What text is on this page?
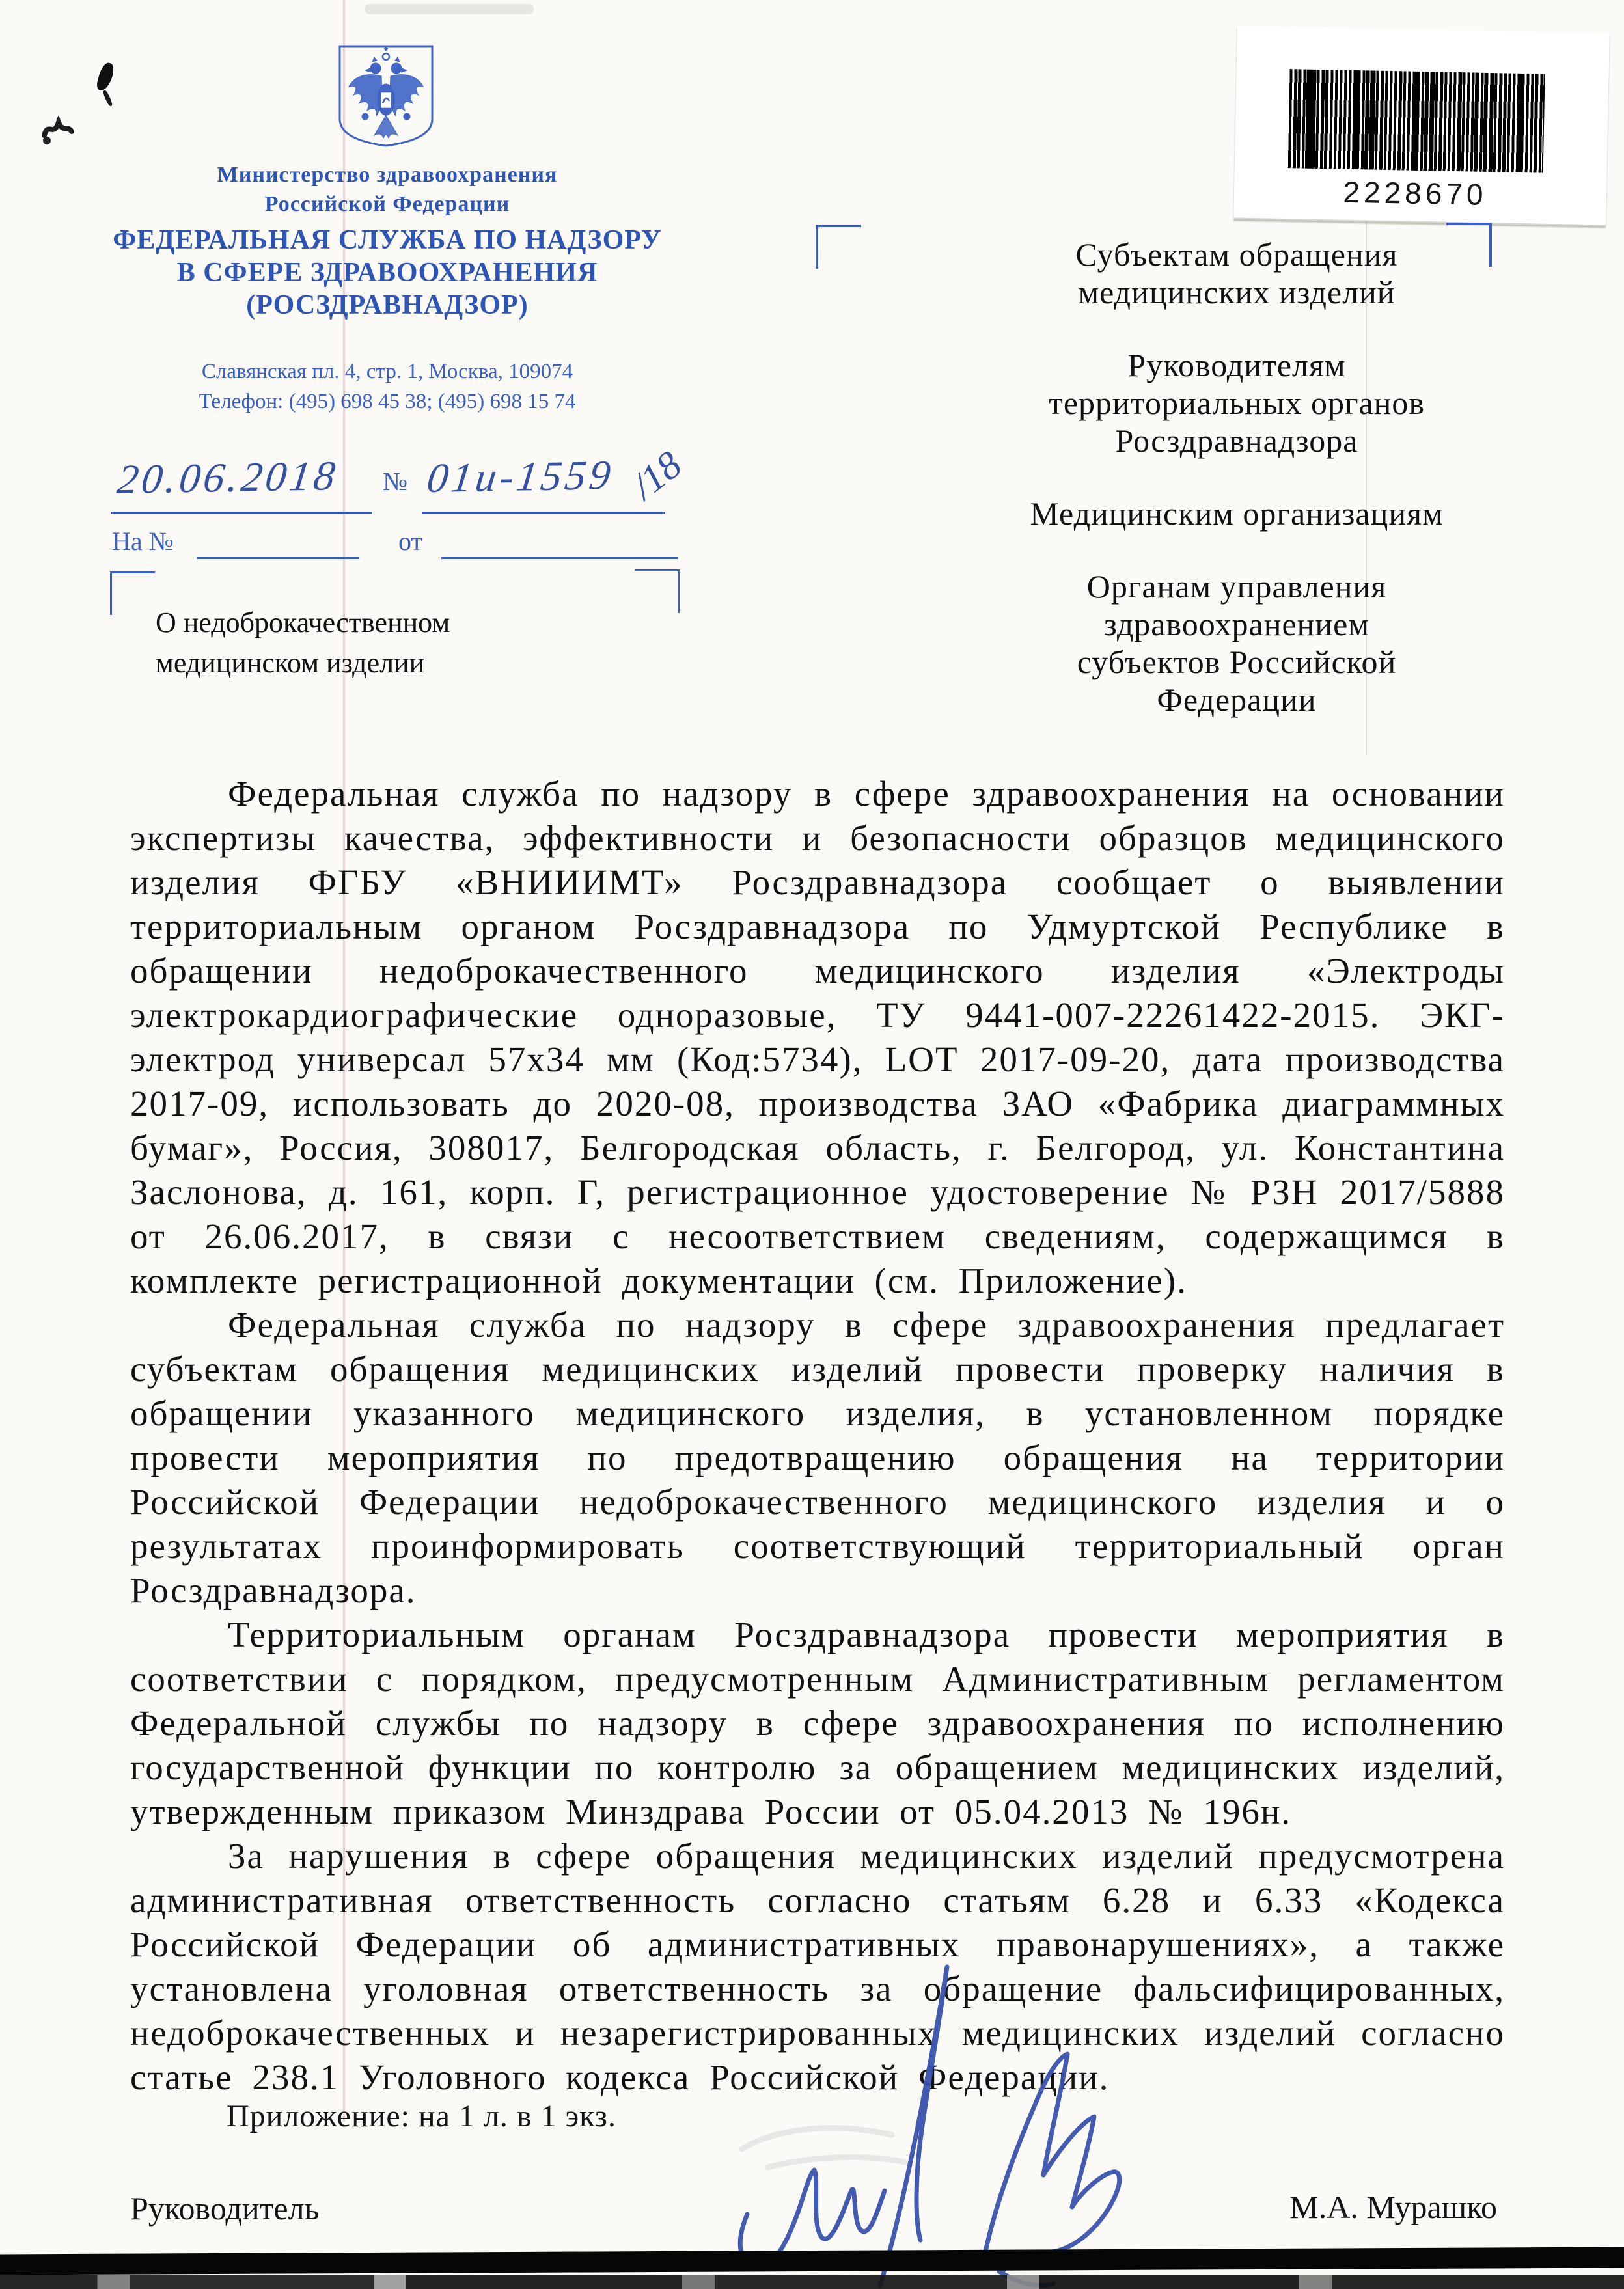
Министерство здравоохранения
Российской Федерации
ФЕДЕРАЛЬНАЯ СЛУЖБА ПО НАДЗОРУ
В СФЕРЕ ЗДРАВООХРАНЕНИЯ
(РОСЗДРАВНАДЗОР)
Славянская пл. 4, стр. 1, Москва, 109074
Телефон: (495) 698 45 38; (495) 698 15 74
2228670
Субъектам обращения медицинских изделий
Руководителям территориальных органов Росздравнадзора
Медицинским организациям
Органам управления здравоохранением субъектов Российской Федерации
20.06.2018 № 01и-1559 /18
На №	от
О недоброкачественном
медицинском изделии

Федеральная служба по надзору в сфере здравоохранения на основании экспертизы качества, эффективности и безопасности образцов медицинского изделия ФГБУ «ВНИИИМТ» Росздравнадзора сообщает о выявлении территориальным органом Росздравнадзора по Удмуртской Республике в обращении недоброкачественного медицинского изделия «Электроды электрокардиографические одноразовые, ТУ 9441-007-22261422-2015. ЭКГ-электрод универсал 57х34 мм (Код:5734), LOT 2017-09-20, дата производства 2017-09, использовать до 2020-08, производства ЗАО «Фабрика диаграммных бумаг», Россия, 308017, Белгородская область, г. Белгород, ул. Константина Заслонова, д. 161, корп. Г, регистрационное удостоверение № РЗН 2017/5888 от 26.06.2017, в связи с несоответствием сведениям, содержащимся в комплекте регистрационной документации (см. Приложение).

Федеральная служба по надзору в сфере здравоохранения предлагает субъектам обращения медицинских изделий провести проверку наличия в обращении указанного медицинского изделия, в установленном порядке провести мероприятия по предотвращению обращения на территории Российской Федерации недоброкачественного медицинского изделия и о результатах проинформировать соответствующий территориальный орган Росздравнадзора.

Территориальным органам Росздравнадзора провести мероприятия в соответствии с порядком, предусмотренным Административным регламентом Федеральной службы по надзору в сфере здравоохранения по исполнению государственной функции по контролю за обращением медицинских изделий, утвержденным приказом Минздрава России от 05.04.2013 № 196н.

За нарушения в сфере обращения медицинских изделий предусмотрена административная ответственность согласно статьям 6.28 и 6.33 «Кодекса Российской Федерации об административных правонарушениях», а также установлена уголовная ответственность за обращение фальсифицированных, недоброкачественных и незарегистрированных медицинских изделий согласно статье 238.1 Уголовного кодекса Российской Федерации.

Приложение: на 1 л. в 1 экз.
Руководитель	М.А. Мурашко
